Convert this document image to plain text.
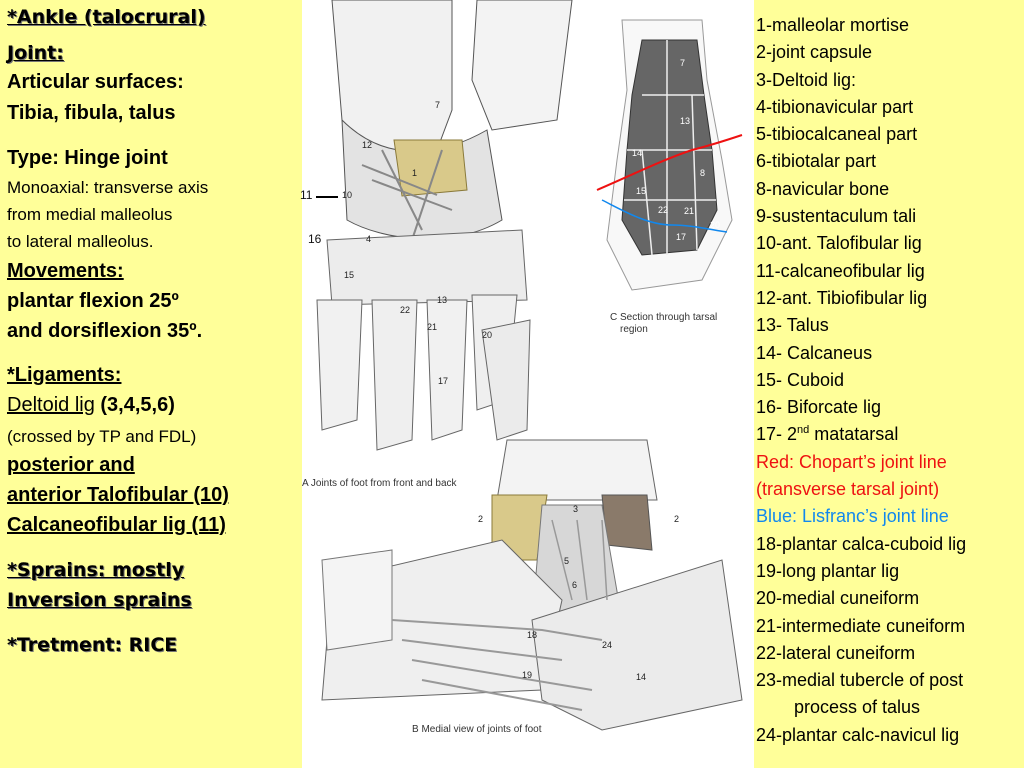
*Ankle (talocrural)
Joint:
Articular surfaces:
Tibia, fibula, talus
Type: Hinge joint
Monoaxial: transverse axis
from medial malleolus
to lateral malleolus.
Movements:
plantar flexion 25º
and dorsiflexion 35º.
*Ligaments:
Deltoid lig (3,4,5,6)
(crossed by TP and FDL)
posterior and
anterior Talofibular (10)
Calcaneofibular lig (11)
*Sprains: mostly
Inversion sprains
*Tretment: RICE
11
16
A Joints of foot from front and back
B Medial view of joints of foot
C Section through tarsal
region
12
7
1
10
4
15
13
22
21
20
17
2
3
2
5
6
18
19	14
24
7
13
14
8
15
22 21
20
17
1-malleolar mortise
2-joint capsule
3-Deltoid lig:
4-tibionavicular part
5-tibiocalcaneal part
6-tibiotalar part
8-navicular bone
9-sustentaculum tali
10-ant. Talofibular lig
11-calcaneofibular lig
12-ant. Tibiofibular lig
13- Talus
14- Calcaneus
15- Cuboid
16- Biforcate lig
17- 2nd matatarsal
Red: Chopart’s joint line
(transverse tarsal joint)
Blue: Lisfranc’s joint line
18-plantar calca-cuboid lig
19-long plantar lig
20-medial cuneiform
21-intermediate cuneiform
22-lateral cuneiform
23-medial tubercle of post
process of talus
24-plantar calc-navicul lig
